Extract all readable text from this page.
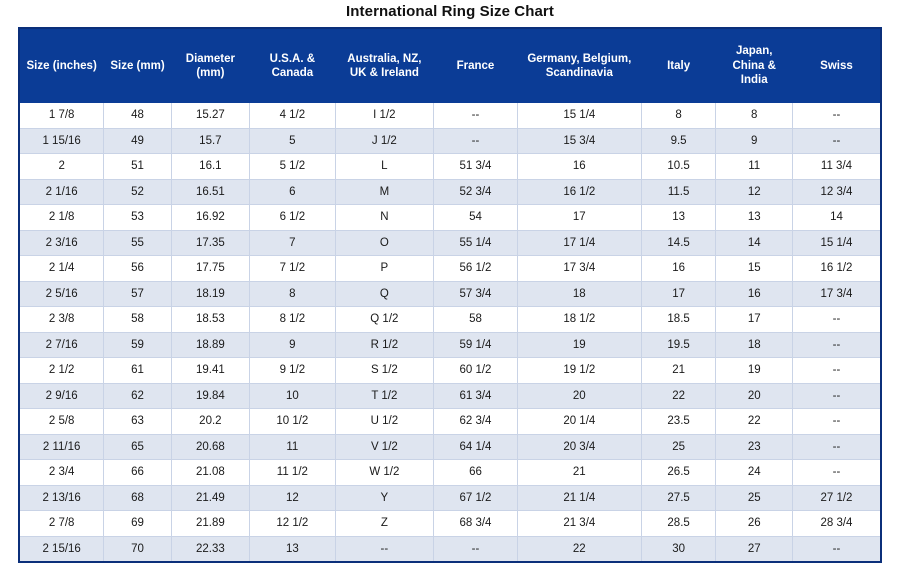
International Ring Size Chart
Size (inches)	Size (mm)	Diameter (mm)	U.S.A. & Canada	Australia, NZ, UK & Ireland	France	Germany, Belgium, Scandinavia	Italy	Japan, China & India	Swiss
1 7/8	48	15.27	4 1/2	I 1/2	--	15 1/4	8	8	--
1 15/16	49	15.7	5	J 1/2	--	15 3/4	9.5	9	--
2	51	16.1	5 1/2	L	51 3/4	16	10.5	11	11 3/4
2 1/16	52	16.51	6	M	52 3/4	16 1/2	11.5	12	12 3/4
2 1/8	53	16.92	6 1/2	N	54	17	13	13	14
2 3/16	55	17.35	7	O	55 1/4	17 1/4	14.5	14	15 1/4
2 1/4	56	17.75	7 1/2	P	56 1/2	17 3/4	16	15	16 1/2
2 5/16	57	18.19	8	Q	57 3/4	18	17	16	17 3/4
2 3/8	58	18.53	8 1/2	Q 1/2	58	18 1/2	18.5	17	--
2 7/16	59	18.89	9	R 1/2	59 1/4	19	19.5	18	--
2 1/2	61	19.41	9 1/2	S 1/2	60 1/2	19 1/2	21	19	--
2 9/16	62	19.84	10	T 1/2	61 3/4	20	22	20	--
2 5/8	63	20.2	10 1/2	U 1/2	62 3/4	20 1/4	23.5	22	--
2 11/16	65	20.68	11	V 1/2	64 1/4	20 3/4	25	23	--
2 3/4	66	21.08	11 1/2	W 1/2	66	21	26.5	24	--
2 13/16	68	21.49	12	Y	67 1/2	21 1/4	27.5	25	27 1/2
2 7/8	69	21.89	12 1/2	Z	68 3/4	21 3/4	28.5	26	28 3/4
2 15/16	70	22.33	13	--	--	22	30	27	--
